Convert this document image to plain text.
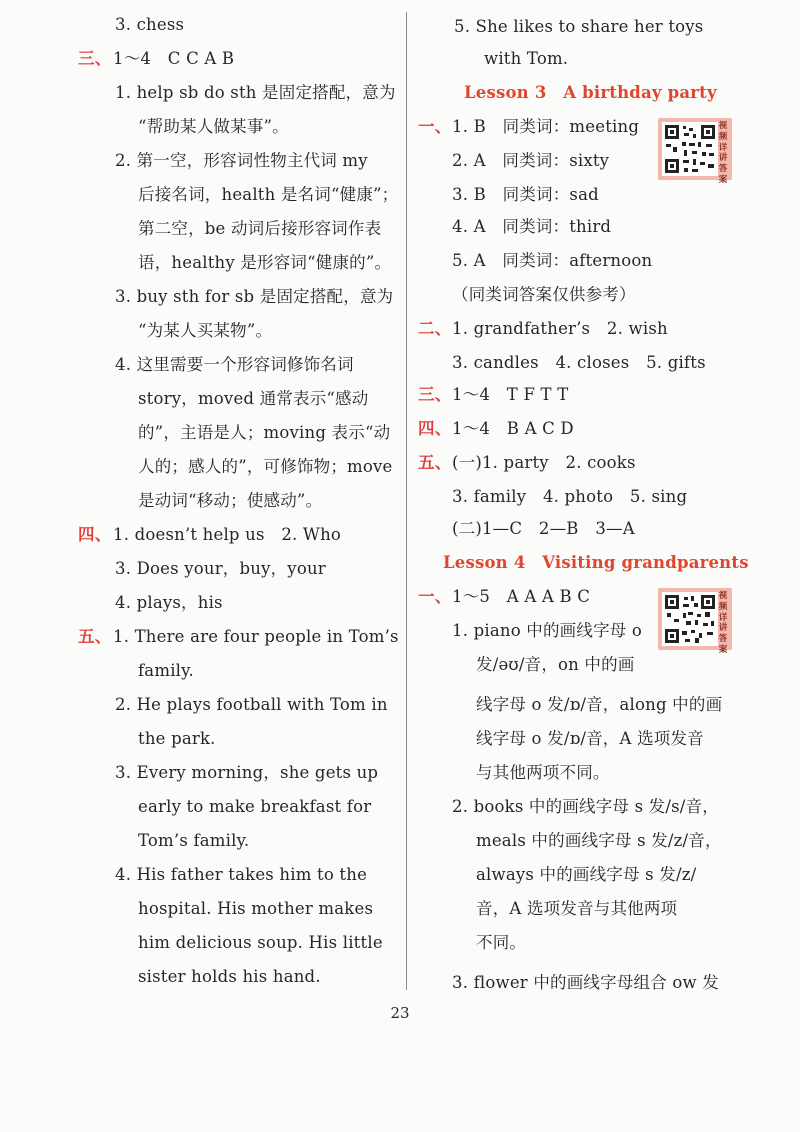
3. chess
三、 1～4　C C A B
1. help sb do sth 是固定搭配，意为
“帮助某人做某事”。
2. 第一空，形容词性物主代词 my
后接名词，health 是名词“健康”；
第二空，be 动词后接形容词作表
语，healthy 是形容词“健康的”。
3. buy sth for sb 是固定搭配，意为
“为某人买某物”。
4. 这里需要一个形容词修饰名词
story，moved 通常表示“感动
的”，主语是人；moving 表示“动
人的；感人的”，可修饰物；move
是动词“移动；使感动”。
四、 1. doesn’t help us　2. Who
3. Does your，buy，your
4. plays，his
五、 1. There are four people in Tom’s
family.
2. He plays football with Tom in
the park.
3. Every morning，she gets up
early to make breakfast for
Tom’s family.
4. His father takes him to the
hospital. His mother makes
him delicious soup. His little
sister holds his hand.
5. She likes to share her toys
with Tom.
Lesson 3　A birthday party
一、 1. B　同类词：meeting
2. A　同类词：sixty
3. B　同类词：sad
4. A　同类词：third
5. A　同类词：afternoon
（同类词答案仅供参考）
二、 1. grandfather’s　2. wish
3. candles　4. closes　5. gifts
三、 1～4　T F T T
四、 1～4　B A C D
五、 (一)1. party　2. cooks
3. family　4. photo　5. sing
(二)1—C　2—B　3—A
Lesson 4　Visiting grandparents
一、 1～5　A A A B C
1. piano 中的画线字母 o
发/əʊ/音，on 中的画
线字母 o 发/ɒ/音，along 中的画
线字母 o 发/ɒ/音，A 选项发音
与其他两项不同。
2. books 中的画线字母 s 发/s/音，
meals 中的画线字母 s 发/z/音，
always 中的画线字母 s 发/z/
音，A 选项发音与其他两项
不同。
3. flower 中的画线字母组合 ow 发
视频详讲答案
视频详讲答案
23
